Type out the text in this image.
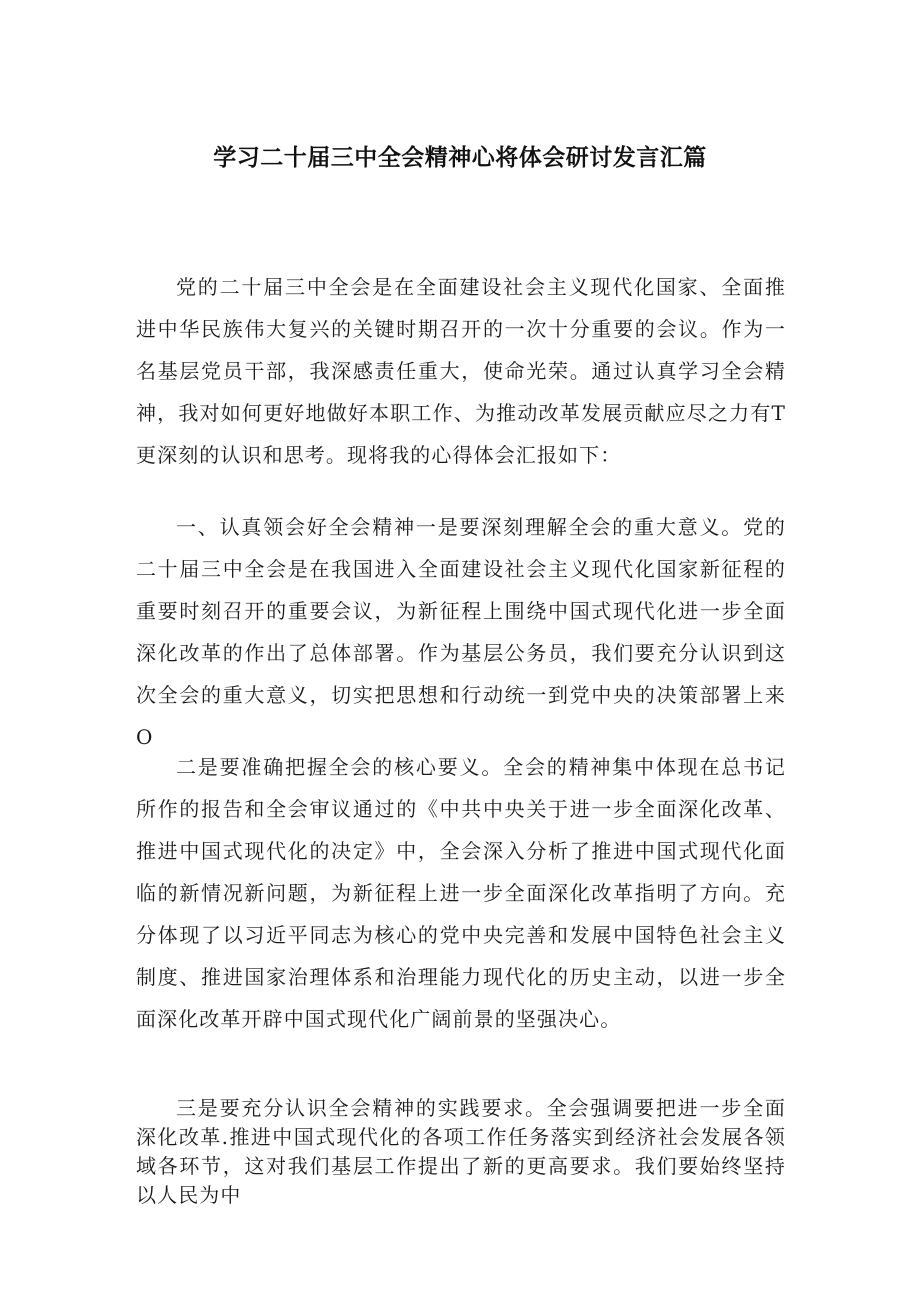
学习二十届三中全会精神心将体会研讨发言汇篇

党的二十届三中全会是在全面建设社会主义现代化国家、全面推进中华民族伟大复兴的关键时期召开的一次十分重要的会议。作为一名基层党员干部，我深感责任重大，使命光荣。通过认真学习全会精神，我对如何更好地做好本职工作、为推动改革发展贡献应尽之力有T更深刻的认识和思考。现将我的心得体会汇报如下：

一、认真领会好全会精神一是要深刻理解全会的重大意义。党的二十届三中全会是在我国进入全面建设社会主义现代化国家新征程的重要时刻召开的重要会议，为新征程上围绕中国式现代化进一步全面深化改革的作出了总体部署。作为基层公务员，我们要充分认识到这次全会的重大意义，切实把思想和行动统一到党中央的决策部署上来O

二是要准确把握全会的核心要义。全会的精神集中体现在总书记所作的报告和全会审议通过的《中共中央关于进一步全面深化改革、推进中国式现代化的决定》中，全会深入分析了推进中国式现代化面临的新情况新问题，为新征程上进一步全面深化改革指明了方向。充分体现了以习近平同志为核心的党中央完善和发展中国特色社会主义制度、推进国家治理体系和治理能力现代化的历史主动，以进一步全面深化改革开辟中国式现代化广阔前景的坚强决心。

三是要充分认识全会精神的实践要求。全会强调要把进一步全面深化改革.推进中国式现代化的各项工作任务落实到经济社会发展各领域各环节，这对我们基层工作提出了新的更高要求。我们要始终坚持以人民为中
